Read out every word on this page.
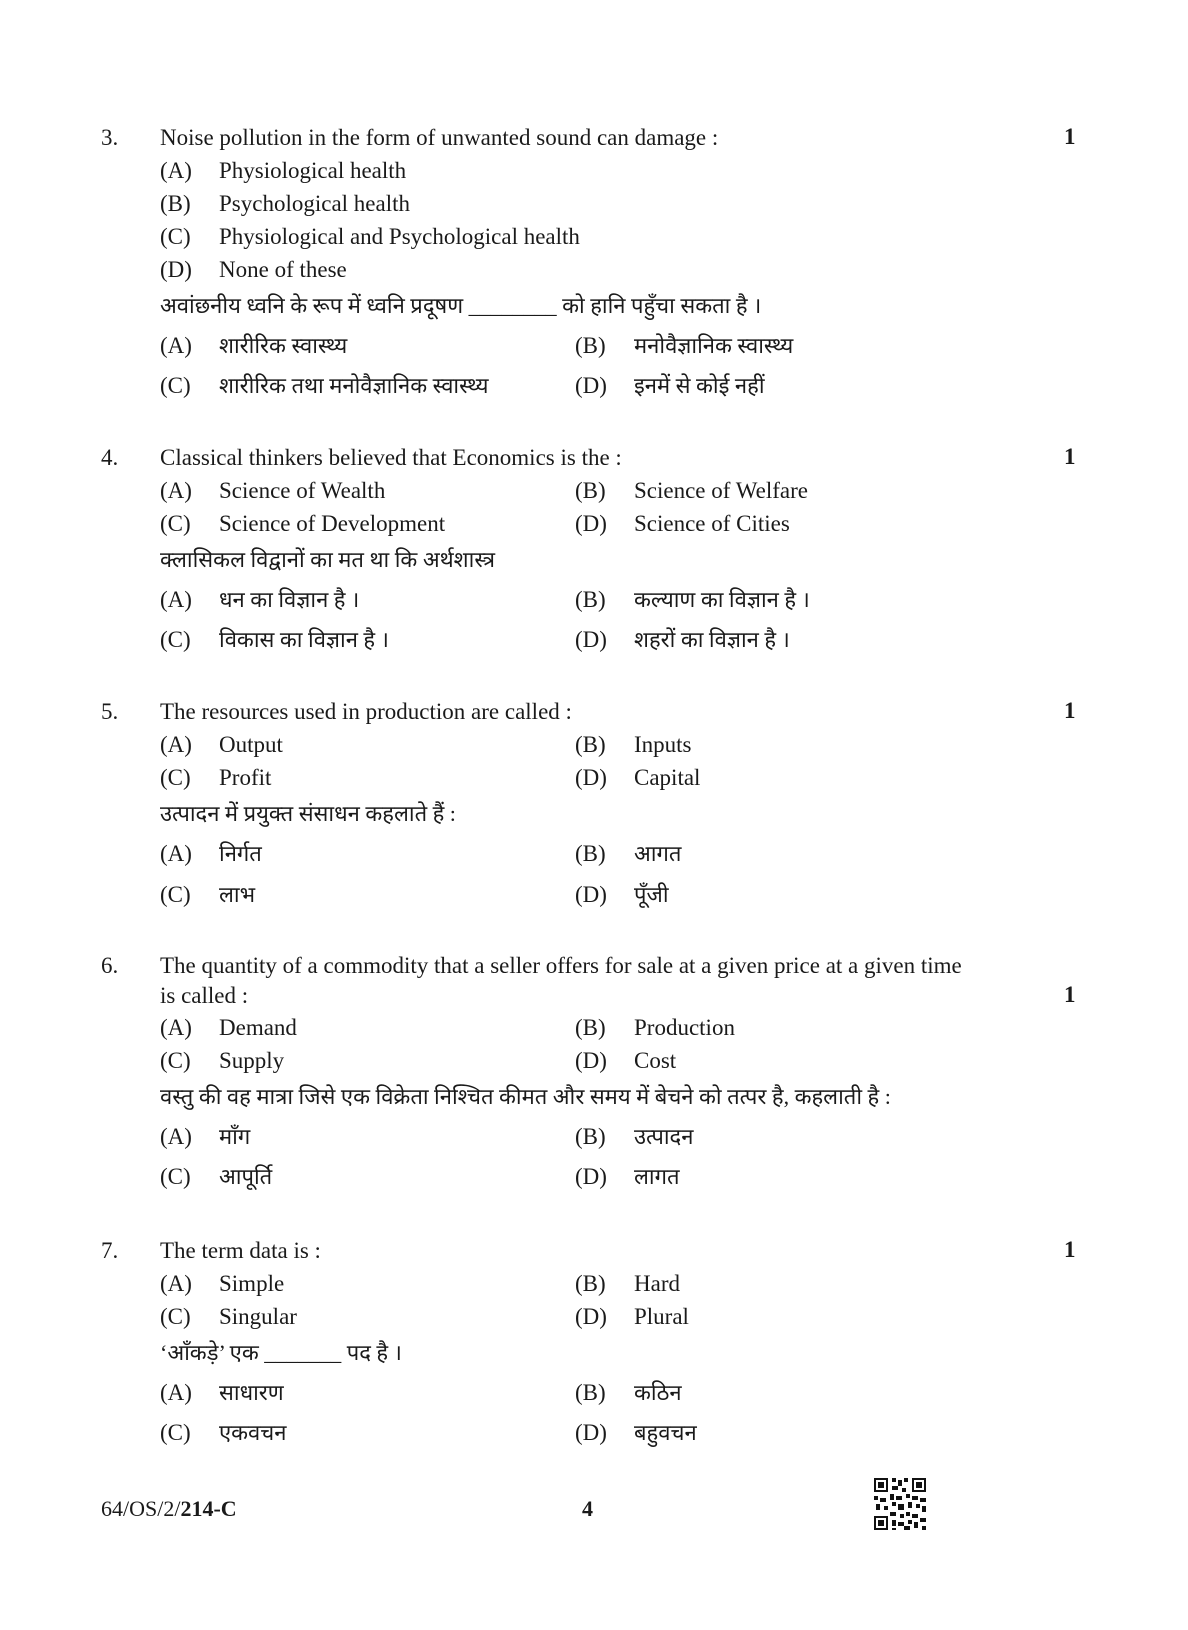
3. Noise pollution in the form of unwanted sound can damage :	1
(A) Physiological health
(B) Psychological health
(C) Physiological and Psychological health
(D) None of these
अवांछनीय ध्वनि के रूप में ध्वनि प्रदूषण ________ को हानि पहुँचा सकता है ।
(A) शारीरिक स्वास्थ्य	(B) मनोवैज्ञानिक स्वास्थ्य
(C) शारीरिक तथा मनोवैज्ञानिक स्वास्थ्य	(D) इनमें से कोई नहीं
4. Classical thinkers believed that Economics is the :	1
(A) Science of Wealth	(B) Science of Welfare
(C) Science of Development	(D) Science of Cities
क्लासिकल विद्वानों का मत था कि अर्थशास्त्र
(A) धन का विज्ञान है ।	(B) कल्याण का विज्ञान है ।
(C) विकास का विज्ञान है ।	(D) शहरों का विज्ञान है ।
5. The resources used in production are called :	1
(A) Output	(B) Inputs
(C) Profit	(D) Capital
उत्पादन में प्रयुक्त संसाधन कहलाते हैं :
(A) निर्गत	(B) आगत
(C) लाभ	(D) पूँजी
6. The quantity of a commodity that a seller offers for sale at a given price at a given time
is called :	1
(A) Demand	(B) Production
(C) Supply	(D) Cost
वस्तु की वह मात्रा जिसे एक विक्रेता निश्चित कीमत और समय में बेचने को तत्पर है, कहलाती है :
(A) माँग	(B) उत्पादन
(C) आपूर्ति	(D) लागत
7. The term data is :	1
(A) Simple	(B) Hard
(C) Singular	(D) Plural
‘आँकड़े’ एक _______ पद है ।
(A) साधारण	(B) कठिन
(C) एकवचन	(D) बहुवचन
64/OS/2/214-C	4
